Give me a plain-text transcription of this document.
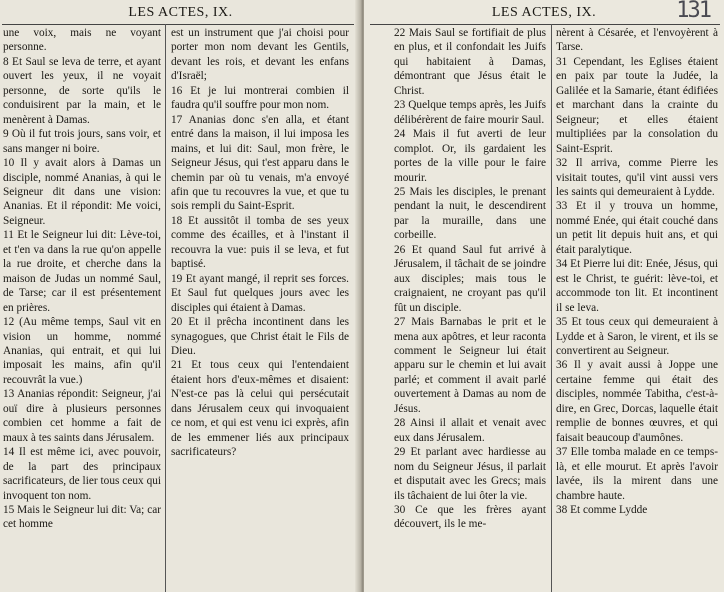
LES ACTES, IX.

une voix, mais ne voyant personne.

8 Et Saul se leva de terre, et ayant ouvert les yeux, il ne voyait personne, de sorte qu'ils le conduisirent par la main, et le menèrent à Damas.

9 Où il fut trois jours, sans voir, et sans manger ni boire.

10 Il y avait alors à Damas un disciple, nommé Ananias, à qui le Seigneur dit dans une vision: Ananias. Et il répondit: Me voici, Seigneur.

11 Et le Seigneur lui dit: Lève-toi, et t'en va dans la rue qu'on appelle la rue droite, et cherche dans la maison de Judas un nommé Saul, de Tarse; car il est présentement en prières.

12 (Au même temps, Saul vit en vision un homme, nommé Ananias, qui entrait, et qui lui imposait les mains, afin qu'il recouvrât la vue.)

13 Ananias répondit: Seigneur, j'ai ouï dire à plusieurs personnes combien cet homme a fait de maux à tes saints dans Jérusalem.

14 Il est même ici, avec pouvoir, de la part des principaux sacrificateurs, de lier tous ceux qui invoquent ton nom.

15 Mais le Seigneur lui dit: Va; car cet homme

est un instrument que j'ai choisi pour porter mon nom devant les Gentils, devant les rois, et devant les enfans d'Israël;

16 Et je lui montrerai combien il faudra qu'il souffre pour mon nom.

17 Ananias donc s'en alla, et étant entré dans la maison, il lui imposa les mains, et lui dit: Saul, mon frère, le Seigneur Jésus, qui t'est apparu dans le chemin par où tu venais, m'a envoyé afin que tu recouvres la vue, et que tu sois rempli du Saint-Esprit.

18 Et aussitôt il tomba de ses yeux comme des écailles, et à l'instant il recouvra la vue: puis il se leva, et fut baptisé.

19 Et ayant mangé, il reprit ses forces. Et Saul fut quelques jours avec les disciples qui étaient à Damas.

20 Et il prêcha incontinent dans les synagogues, que Christ était le Fils de Dieu.

21 Et tous ceux qui l'entendaient étaient hors d'eux-mêmes et disaient: N'est-ce pas là celui qui persécutait dans Jérusalem ceux qui invoquaient ce nom, et qui est venu ici exprès, afin de les emmener liés aux principaux sacrificateurs?

LES ACTES, IX.	131

22 Mais Saul se fortifiait de plus en plus, et il confondait les Juifs qui habitaient à Damas, démontrant que Jésus était le Christ.

23 Quelque temps après, les Juifs délibérèrent de faire mourir Saul.

24 Mais il fut averti de leur complot. Or, ils gardaient les portes de la ville pour le faire mourir.

25 Mais les disciples, le prenant pendant la nuit, le descendirent par la muraille, dans une corbeille.

26 Et quand Saul fut arrivé à Jérusalem, il tâchait de se joindre aux disciples; mais tous le craignaient, ne croyant pas qu'il fût un disciple.

27 Mais Barnabas le prit et le mena aux apôtres, et leur raconta comment le Seigneur lui était apparu sur le chemin et lui avait parlé; et comment il avait parlé ouvertement à Damas au nom de Jésus.

28 Ainsi il allait et venait avec eux dans Jérusalem.

29 Et parlant avec hardiesse au nom du Seigneur Jésus, il parlait et disputait avec les Grecs; mais ils tâchaient de lui ôter la vie.

30 Ce que les frères ayant découvert, ils le me-

nèrent à Césarée, et l'envoyèrent à Tarse.

31 Cependant, les Eglises étaient en paix par toute la Judée, la Galilée et la Samarie, étant édifiées et marchant dans la crainte du Seigneur; et elles étaient multipliées par la consolation du Saint-Esprit.

32 Il arriva, comme Pierre les visitait toutes, qu'il vint aussi vers les saints qui demeuraient à Lydde.

33 Et il y trouva un homme, nommé Enée, qui était couché dans un petit lit depuis huit ans, et qui était paralytique.

34 Et Pierre lui dit: Enée, Jésus, qui est le Christ, te guérit: lève-toi, et accommode ton lit. Et incontinent il se leva.

35 Et tous ceux qui demeuraient à Lydde et à Saron, le virent, et ils se convertirent au Seigneur.

36 Il y avait aussi à Joppe une certaine femme qui était des disciples, nommée Tabitha, c'est-à-dire, en Grec, Dorcas, laquelle était remplie de bonnes œuvres, et qui faisait beaucoup d'aumônes.

37 Elle tomba malade en ce temps-là, et elle mourut. Et après l'avoir lavée, ils la mirent dans une chambre haute.

38 Et comme Lydde
